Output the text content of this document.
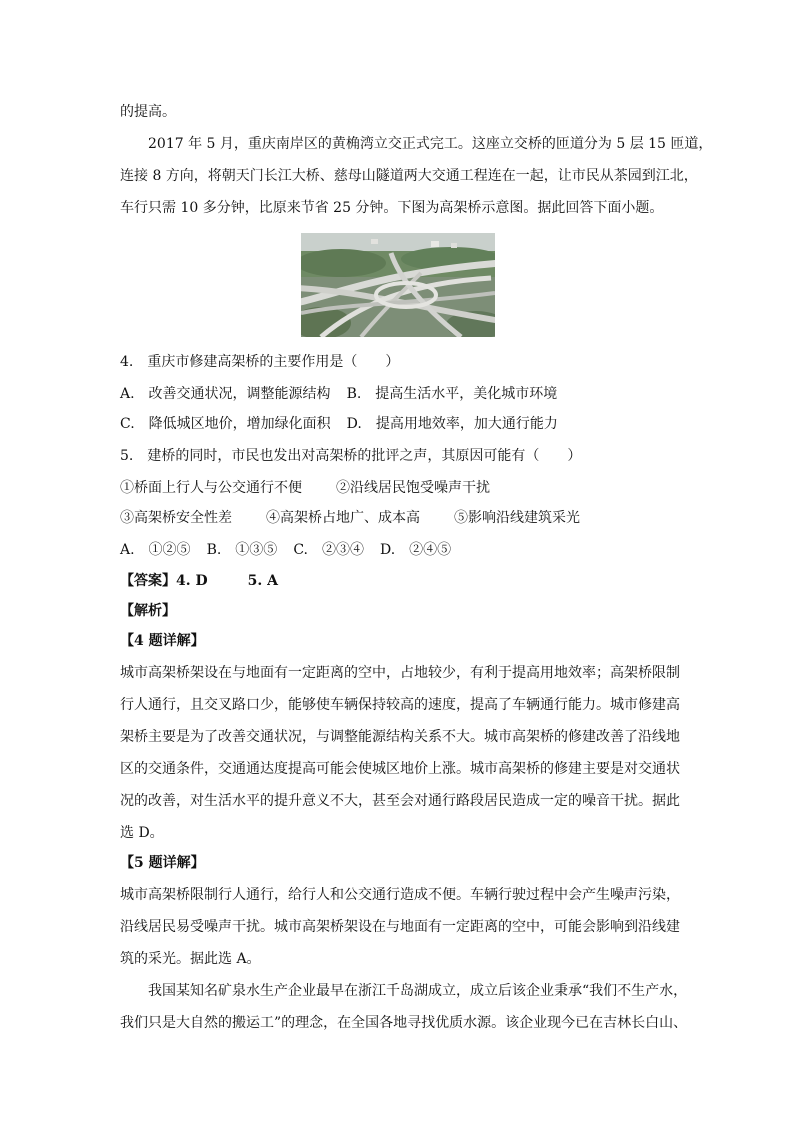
的提高。
2017 年 5 月，重庆南岸区的黄桷湾立交正式完工。这座立交桥的匝道分为 5 层 15 匝道，
连接 8 方向，将朝天门长江大桥、慈母山隧道两大交通工程连在一起，让市民从茶园到江北，
车行只需 10 多分钟，比原来节省 25 分钟。下图为高架桥示意图。据此回答下面小题。
4.　重庆市修建高架桥的主要作用是（　　）
A.　改善交通状况，调整能源结构 B.　提高生活水平，美化城市环境
C.　降低城区地价，增加绿化面积 D.　提高用地效率，加大通行能力
5.　建桥的同时，市民也发出对高架桥的批评之声，其原因可能有（　　）
①桥面上行人与公交通行不便 ②沿线居民饱受噪声干扰
③高架桥安全性差 ④高架桥占地广、成本高 ⑤影响沿线建筑采光
A.　①②⑤ B.　①③⑤ C.　②③④ D.　②④⑤
【答案】4. D	5. A
【解析】
【4 题详解】
城市高架桥架设在与地面有一定距离的空中，占地较少，有利于提高用地效率；高架桥限制
行人通行，且交叉路口少，能够使车辆保持较高的速度，提高了车辆通行能力。城市修建高
架桥主要是为了改善交通状况，与调整能源结构关系不大。城市高架桥的修建改善了沿线地
区的交通条件，交通通达度提高可能会使城区地价上涨。城市高架桥的修建主要是对交通状
况的改善，对生活水平的提升意义不大，甚至会对通行路段居民造成一定的噪音干扰。据此
选 D。
【5 题详解】
城市高架桥限制行人通行，给行人和公交通行造成不便。车辆行驶过程中会产生噪声污染，
沿线居民易受噪声干扰。城市高架桥架设在与地面有一定距离的空中，可能会影响到沿线建
筑的采光。据此选 A。
我国某知名矿泉水生产企业最早在浙江千岛湖成立，成立后该企业秉承“我们不生产水，
我们只是大自然的搬运工”的理念，在全国各地寻找优质水源。该企业现今已在吉林长白山、
